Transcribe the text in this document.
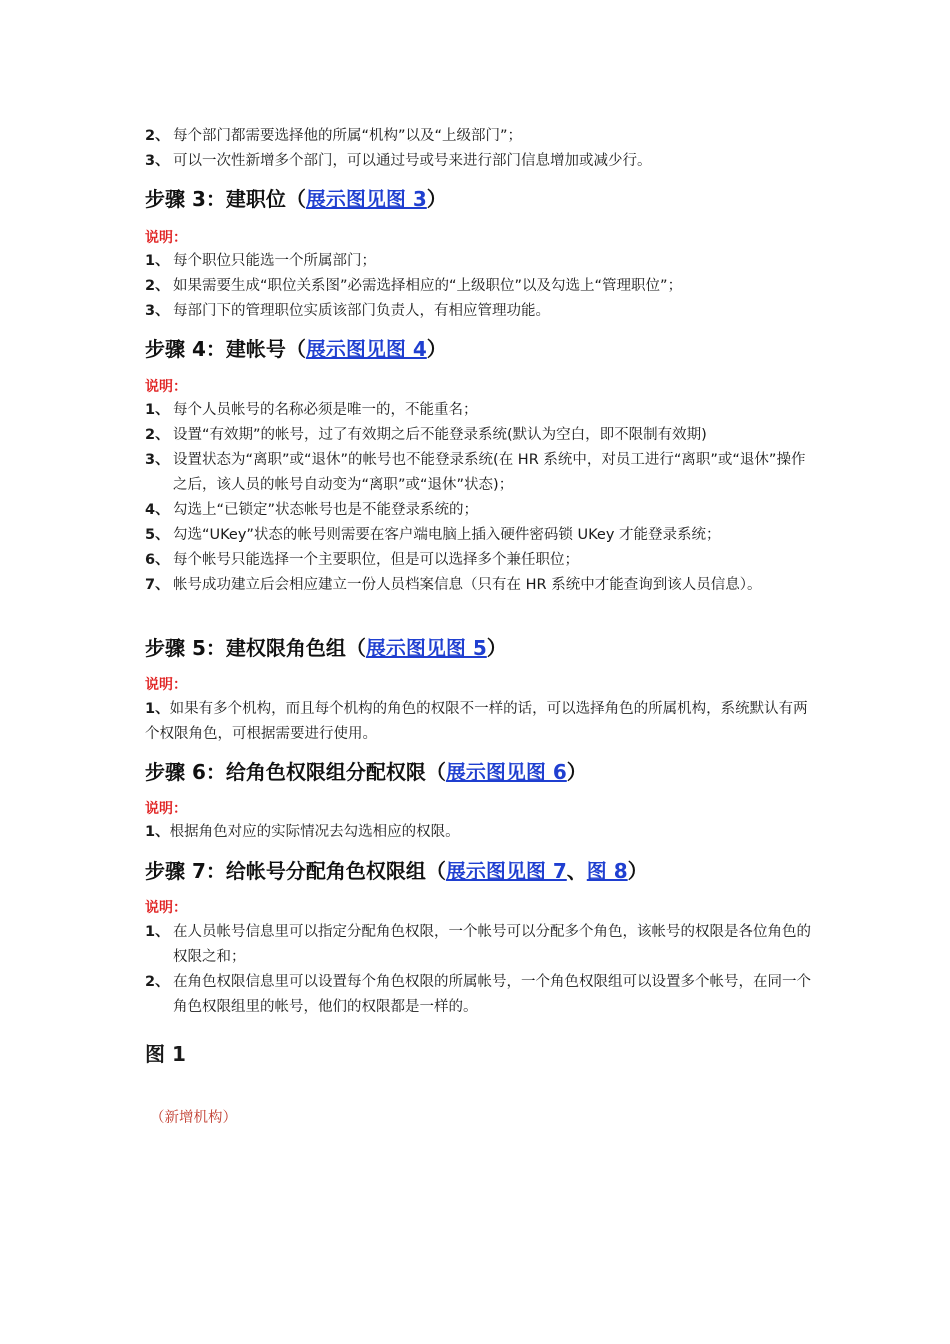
2、 每个部门都需要选择他的所属“机构”以及“上级部门”；
3、 可以一次性新增多个部门，可以通过号或号来进行部门信息增加或减少行。
步骤 3：建职位（展示图见图 3）
说明：
1、 每个职位只能选一个所属部门；
2、 如果需要生成“职位关系图”必需选择相应的“上级职位”以及勾选上“管理职位”；
3、 每部门下的管理职位实质该部门负责人，有相应管理功能。
步骤 4：建帐号（展示图见图 4）
说明：
1、 每个人员帐号的名称必须是唯一的，不能重名；
2、 设置“有效期”的帐号，过了有效期之后不能登录系统(默认为空白，即不限制有效期)
3、 设置状态为“离职”或“退休”的帐号也不能登录系统(在 HR 系统中，对员工进行“离职”或“退休”操作之后，该人员的帐号自动变为“离职”或“退休”状态)；
4、 勾选上“已锁定”状态帐号也是不能登录系统的；
5、 勾选“UKey”状态的帐号则需要在客户端电脑上插入硬件密码锁 UKey 才能登录系统；
6、 每个帐号只能选择一个主要职位，但是可以选择多个兼任职位；
7、 帐号成功建立后会相应建立一份人员档案信息（只有在 HR 系统中才能查询到该人员信息）。
步骤 5：建权限角色组（展示图见图 5）
说明：
1、如果有多个机构，而且每个机构的角色的权限不一样的话，可以选择角色的所属机构，系统默认有两个权限角色，可根据需要进行使用。
步骤 6：给角色权限组分配权限（展示图见图 6）
说明：
1、根据角色对应的实际情况去勾选相应的权限。
步骤 7：给帐号分配角色权限组（展示图见图 7、图 8）
说明：
1、 在人员帐号信息里可以指定分配角色权限，一个帐号可以分配多个角色，该帐号的权限是各位角色的权限之和；
2、 在角色权限信息里可以设置每个角色权限的所属帐号，一个角色权限组可以设置多个帐号，在同一个角色权限组里的帐号，他们的权限都是一样的。
图 1
（新增机构）
